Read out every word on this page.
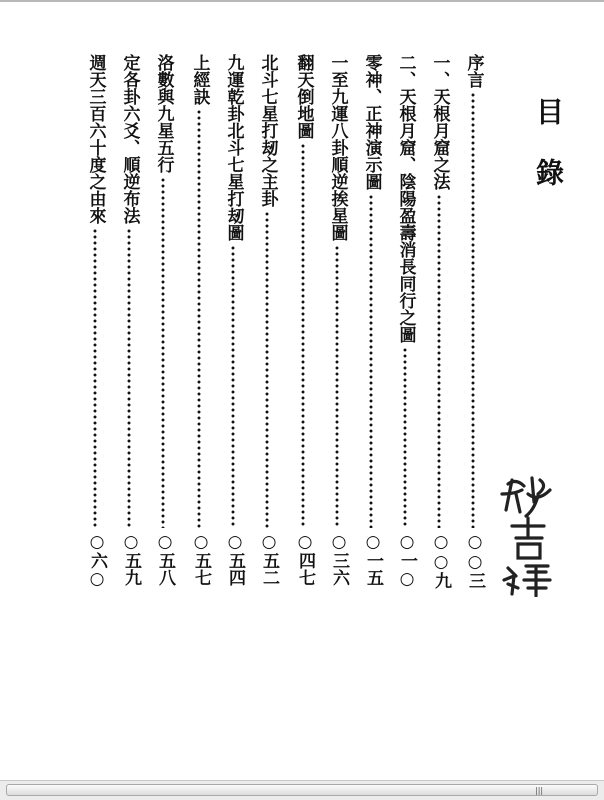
目 錄
序言
○○三
一、天根月窟之法
○○九
二、天根月窟、陰陽盈壽消長同行之圖
○一○
零神、正神演示圖
○一五
一至九運八卦順逆挨星圖
○三六
翻天倒地圖
○四七
北斗七星打刼之主卦
○五二
九運乾卦北斗七星打刼圖
○五四
上經訣
○五七
洛數與九星五行
○五八
定各卦六爻、順逆布法
○五九
週天三百六十度之由來
○六○
|||
